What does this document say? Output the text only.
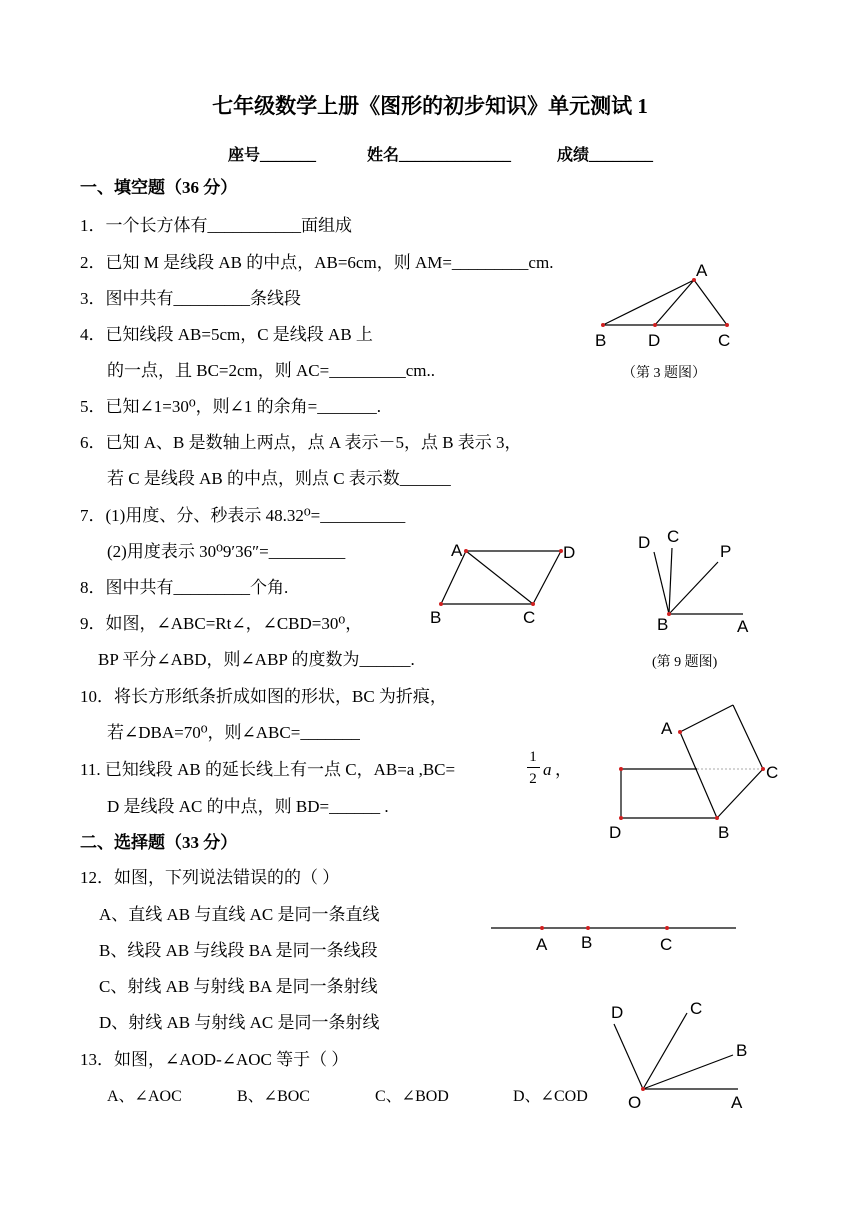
七年级数学上册《图形的初步知识》单元测试 1
座号_______	姓名______________	成绩________
一、填空题（36 分）
1．一个长方体有___________面组成
2．已知 M 是线段 AB 的中点，AB=6cm，则 AM=_________cm.
3．图中共有_________条线段
4．已知线段 AB=5cm，C 是线段 AB 上
的一点，且 BC=2cm，则 AC=_________cm..
5．已知∠1=30⁰，则∠1 的余角=_______.
6．已知 A、B 是数轴上两点，点 A 表示－5，点 B 表示 3，
若 C 是线段 AB 的中点，则点 C 表示数______
7．(1)用度、分、秒表示 48.32⁰=__________
(2)用度表示 30⁰9′36″=_________
8．图中共有_________个角.
9．如图，∠ABC=Rt∠，∠CBD=30⁰，
BP 平分∠ABD，则∠ABP 的度数为______.
10．将长方形纸条折成如图的形状，BC 为折痕，
若∠DBA=70⁰，则∠ABC=_______
11. 已知线段 AB 的延长线上有一点 C，AB=a ,BC=
1
2 a ，
D 是线段 AC 的中点，则 BD=______ .
二、选择题（33 分）
12．如图，下列说法错误的的（ ）
A、直线 AB 与直线 AC 是同一条直线
B、线段 AB 与线段 BA 是同一条线段
C、射线 AB 与射线 BA 是同一条射线
D、射线 AB 与射线 AC 是同一条射线
13．如图，∠AOD-∠AOC 等于（ ）
A、∠AOC	B、∠BOC	C、∠BOD	D、∠COD
A
B D	C
（第 3 题图）
A	D
B	C
D C
P
B	A
(第 9 题图)
A
C
D	B
A B	C
D	C
B
O	A
